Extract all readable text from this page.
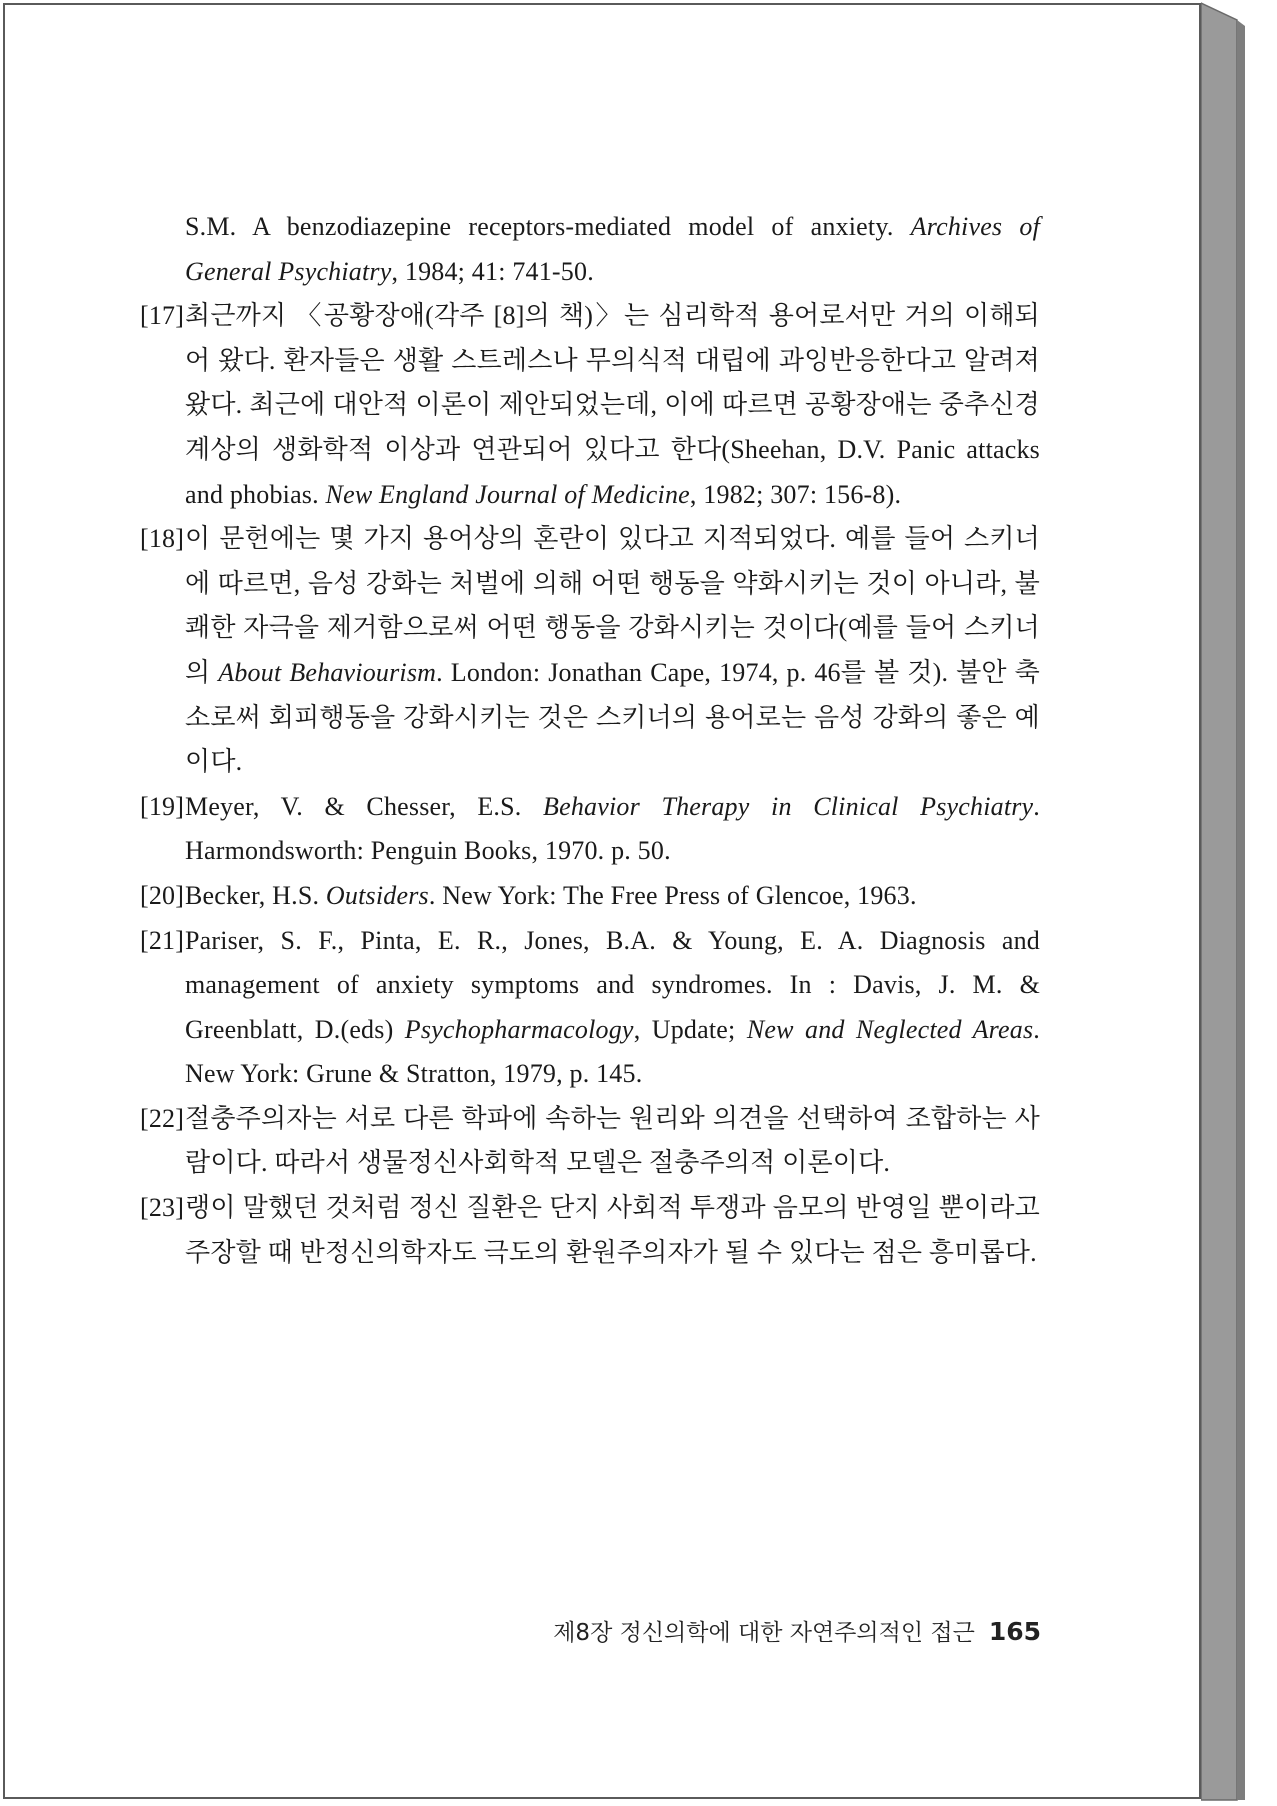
S.M. A benzodiazepine receptors-mediated model of anxiety. Archives of General Psychiatry, 1984; 41: 741-50.
[17] 최근까지 〈공황장애(각주 [8]의 책)〉는 심리학적 용어로서만 거의 이해되어 왔다. 환자들은 생활 스트레스나 무의식적 대립에 과잉반응한다고 알려져 왔다. 최근에 대안적 이론이 제안되었는데, 이에 따르면 공황장애는 중추신경계상의 생화학적 이상과 연관되어 있다고 한다(Sheehan, D.V. Panic attacks and phobias. New England Journal of Medicine, 1982; 307: 156-8).
[18] 이 문헌에는 몇 가지 용어상의 혼란이 있다고 지적되었다. 예를 들어 스키너에 따르면, 음성 강화는 처벌에 의해 어떤 행동을 약화시키는 것이 아니라, 불쾌한 자극을 제거함으로써 어떤 행동을 강화시키는 것이다(예를 들어 스키너의 About Behaviourism. London: Jonathan Cape, 1974, p. 46를 볼 것). 불안 축소로써 회피행동을 강화시키는 것은 스키너의 용어로는 음성 강화의 좋은 예이다.
[19] Meyer, V. & Chesser, E.S. Behavior Therapy in Clinical Psychiatry. Harmondsworth: Penguin Books, 1970. p. 50.
[20] Becker, H.S. Outsiders. New York: The Free Press of Glencoe, 1963.
[21] Pariser, S. F., Pinta, E. R., Jones, B.A. & Young, E. A. Diagnosis and management of anxiety symptoms and syndromes. In : Davis, J. M. & Greenblatt, D.(eds) Psychopharmacology, Update; New and Neglected Areas. New York: Grune & Stratton, 1979, p. 145.
[22] 절충주의자는 서로 다른 학파에 속하는 원리와 의견을 선택하여 조합하는 사람이다. 따라서 생물정신사회학적 모델은 절충주의적 이론이다.
[23] 랭이 말했던 것처럼 정신 질환은 단지 사회적 투쟁과 음모의 반영일 뿐이라고 주장할 때 반정신의학자도 극도의 환원주의자가 될 수 있다는 점은 흥미롭다.
제8장 정신의학에 대한 자연주의적인 접근 165
